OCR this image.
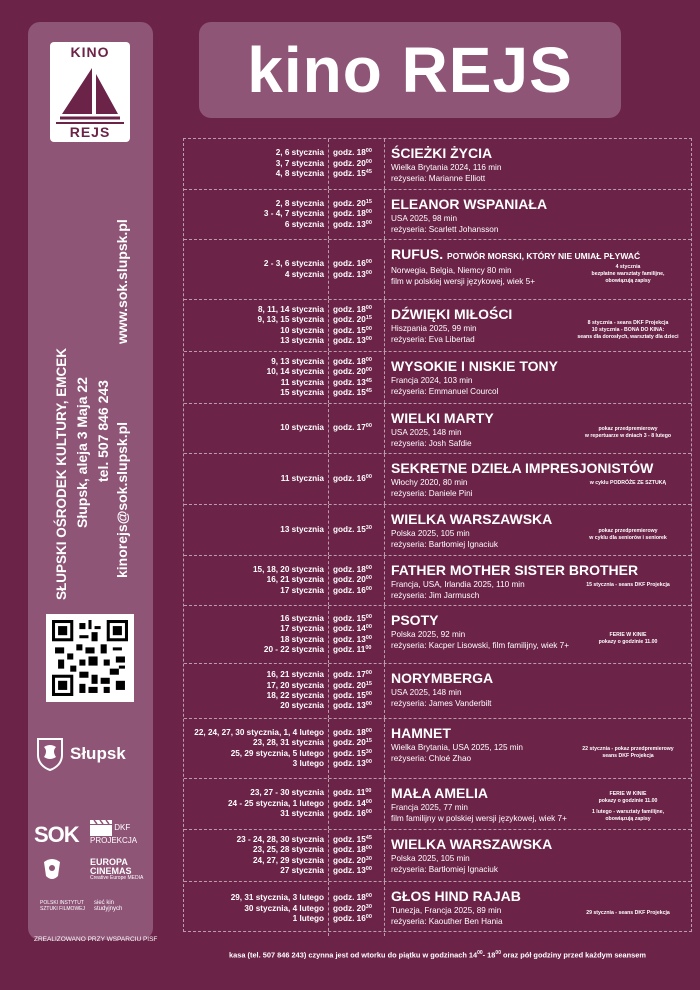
KINO
REJS
SŁUPSKI OŚRODEK KULTURY, EMCEK Słupsk, aleja 3 Maja 22 tel. 507 846 243 kinorejs@sok.slupsk.pl
www.sok.slupsk.pl
Słupsk
SOK	DKF PROJEKCJA
EUROPA CINEMAS
Creative Europe MEDIA
POLSKI INSTYTUT SZTUKI FILMOWEJ
sieć kin studyjnych
ZREALIZOWANO PRZY WSPARCIU PISF
kino REJS
2, 6 stycznia
3, 7 stycznia
4, 8 stycznia
godz. $18^{00}$
godz. $20^{00}$
godz. $15^{45}$
ŚCIEŻKI ŻYCIA
Wielka Brytania 2024, 116 min
reżyseria: Marianne Elliott
2, 8 stycznia
3 - 4, 7 stycznia
6 stycznia
godz. $20^{15}$
godz. $18^{00}$
godz. $13^{00}$
ELEANOR WSPANIAŁA
USA 2025, 98 min
reżyseria: Scarlett Johansson
2 - 3, 6 stycznia
4 stycznia
godz. $16^{00}$
godz. $13^{00}$
RUFUS. POTWÓR MORSKI, KTÓRY NIE UMIAŁ PŁYWAĆ
Norwegia, Belgia, Niemcy 80 min
film w polskiej wersji językowej, wiek 5+
4 stycznia
bezpłatne warsztaty familijne,
obowiązują zapisy
8, 11, 14 stycznia
9, 13, 15 stycznia
10 stycznia
13 stycznia
godz. $18^{00}$
godz. $20^{15}$
godz. $15^{00}$
godz. $13^{00}$
DŹWIĘKI MIŁOŚCI
Hiszpania 2025, 99 min
reżyseria: Eva Libertad
8 stycznia - seans DKF Projekcja
10 stycznia - BONA DO KINA:
seans dla dorosłych, warsztaty dla dzieci
9, 13 stycznia
10, 14 stycznia
11 stycznia
15 stycznia
godz. $18^{00}$
godz. $20^{00}$
godz. $13^{45}$
godz. $15^{45}$
WYSOKIE I NISKIE TONY
Francja 2024, 103 min
reżyseria: Emmanuel Courcol
10 stycznia godz. $17^{00}$
WIELKI MARTY
USA 2025, 148 min
reżyseria: Josh Safdie
pokaz przedpremierowy
w repertuarze w dniach 3 - 8 lutego
11 stycznia godz. $16^{00}$
SEKRETNE DZIEŁA IMPRESJONISTÓW
Włochy 2020, 80 min
reżyseria: Daniele Pini
w cyklu PODRÓŻE ZE SZTUKĄ
13 stycznia godz. $15^{30}$
WIELKA WARSZAWSKA
Polska 2025, 105 min
reżyseria: Bartłomiej Ignaciuk
pokaz przedpremierowy
w cyklu dla seniorów i seniorek
15, 18, 20 stycznia
16, 21 stycznia
17 stycznia
godz. $18^{00}$
godz. $20^{00}$
godz. $16^{00}$
FATHER MOTHER SISTER BROTHER
Francja, USA, Irlandia 2025, 110 min
reżyseria: Jim Jarmusch
15 stycznia - seans DKF Projekcja
16 stycznia
17 stycznia
18 stycznia
20 - 22 stycznia
godz. $15^{00}$
godz. $14^{00}$
godz. $13^{00}$
godz. $11^{00}$
PSOTY
Polska 2025, 92 min
reżyseria: Kacper Lisowski, film familijny, wiek 7+
FERIE W KINIE
pokazy o godzinie 11.00
16, 21 stycznia
17, 20 stycznia
18, 22 stycznia
20 stycznia
godz. $17^{00}$
godz. $20^{15}$
godz. $15^{00}$
godz. $13^{00}$
NORYMBERGA
USA 2025, 148 min
reżyseria: James Vanderbilt
22, 24, 27, 30 stycznia, 1, 4 lutego
23, 28, 31 stycznia
25, 29 stycznia, 5 lutego
3 lutego
godz. $18^{00}$
godz. $20^{15}$
godz. $15^{30}$
godz. $13^{00}$
HAMNET
Wielka Brytania, USA 2025, 125 min
reżyseria: Chloé Zhao
22 stycznia - pokaz przedpremierowy
seans DKF Projekcja
23, 27 - 30 stycznia
24 - 25 stycznia, 1 lutego
31 stycznia
godz. $11^{00}$
godz. $14^{00}$
godz. $16^{00}$
MAŁA AMELIA
Francja 2025, 77 min
film familijny w polskiej wersji językowej, wiek 7+
FERIE W KINIE
pokazy o godzinie 11.00
1 lutego - warsztaty familijne,
obowiązują zapisy
23 - 24, 28, 30 stycznia
23, 25, 28 stycznia
24, 27, 29 stycznia
27 stycznia
godz. $15^{45}$
godz. $18^{00}$
godz. $20^{30}$
godz. $13^{00}$
WIELKA WARSZAWSKA
Polska 2025, 105 min
reżyseria: Bartłomiej Ignaciuk
29, 31 stycznia, 3 lutego
30 stycznia, 4 lutego
1 lutego
godz. $18^{00}$
godz. $20^{30}$
godz. $16^{00}$
GŁOS HIND RAJAB
Tunezja, Francja 2025, 89 min
reżyseria: Kaouther Ben Hania
29 stycznia - seans DKF Projekcja
kasa (tel. 507 846 243) czynna jest od wtorku do piątku w godzinach $14^{00}-$ $18^{00}$ oraz pół godziny przed każdym seansem
